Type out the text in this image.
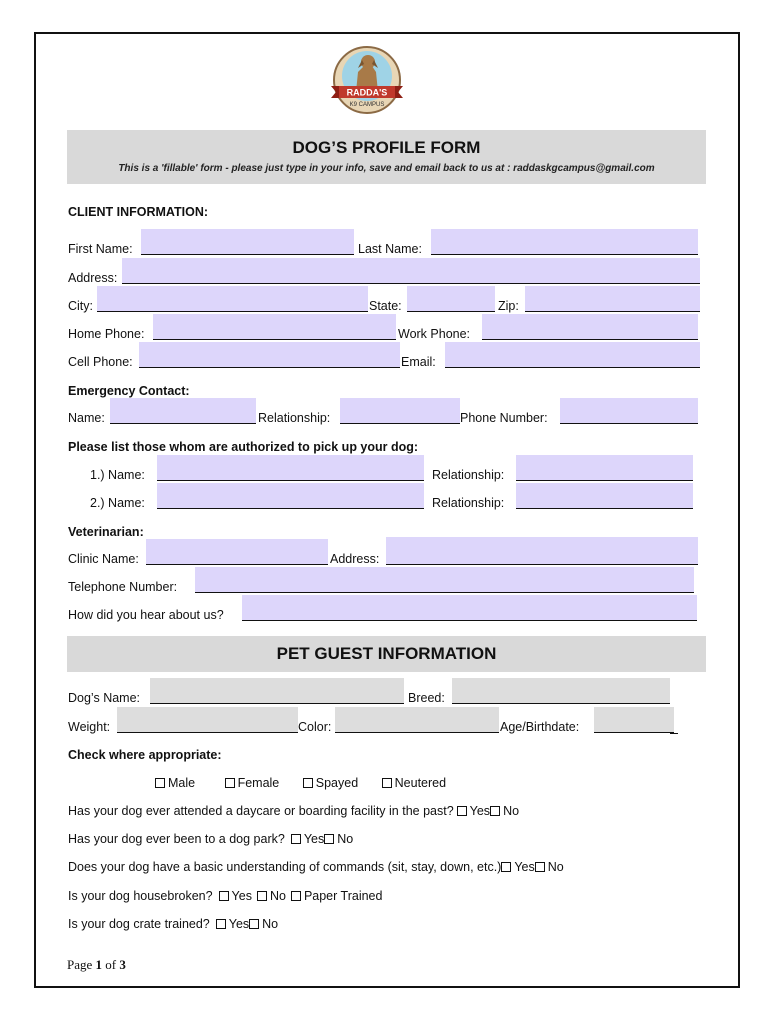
RADDA'S
K9 CAMPUS
DOG’S PROFILE FORM
This is a 'fillable' form - please just type in your info, save and email back to us at : raddaskgcampus@gmail.com
CLIENT INFORMATION:
First Name:	Last Name:
Address:
City:	State:	Zip:
Home Phone:	Work Phone:
Cell Phone:	Email:
Emergency Contact:
Name:	Relationship:	Phone Number:
Please list those whom are authorized to pick up your dog:
1.) Name:	Relationship:
2.) Name:	Relationship:
Veterinarian:
Clinic Name:	Address:
Telephone Number:
How did you hear about us?
PET GUEST INFORMATION
Dog’s Name:	Breed:
Weight:	Color:	Age/Birthdate:
Check where appropriate:
Male	Female	Spayed	Neutered
Has your dog ever attended a daycare or boarding facility in the past? Yes No
Has your dog ever been to a dog park? Yes No
Does your dog have a basic understanding of commands (sit, stay, down, etc.) Yes No
Is your dog housebroken? Yes No Paper Trained
Is your dog crate trained? Yes No
Page 1 of 3
